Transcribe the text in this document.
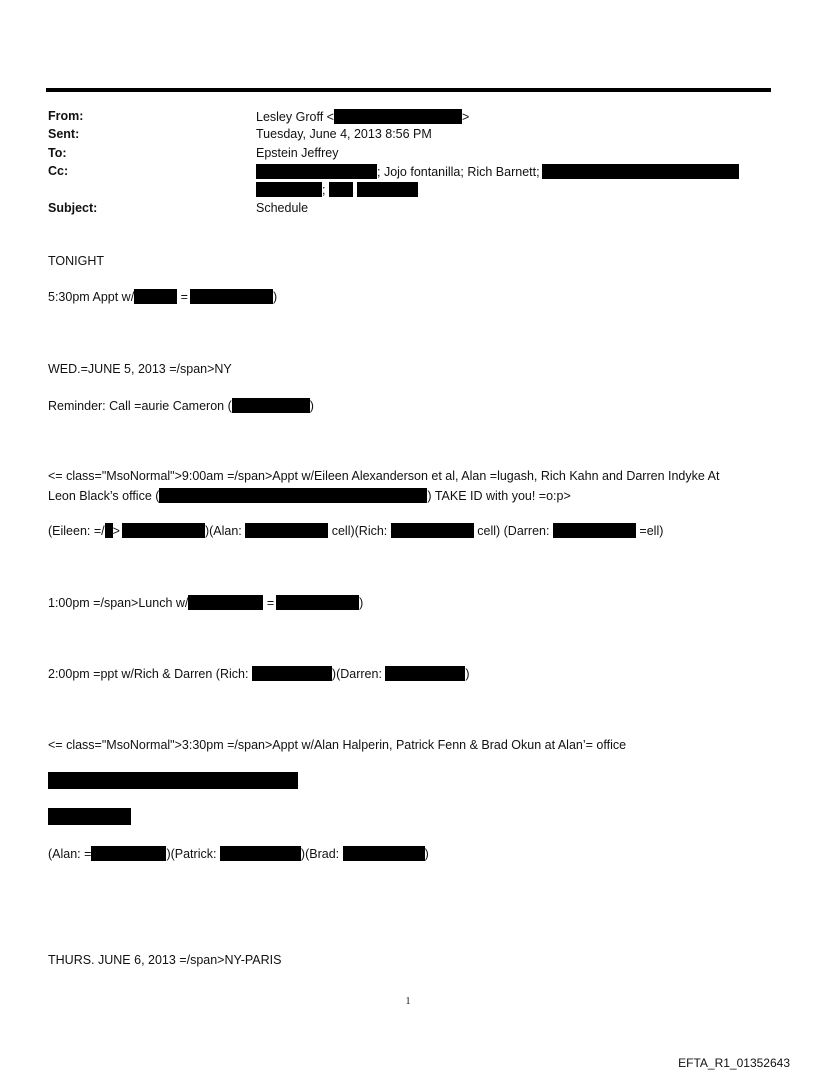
From:	Lesley Groff <	>
Sent:	Tuesday, June 4, 2013 8:56 PM
To:	Epstein Jeffrey
Cc:	; Jojo fontanilla; Rich Barnett;
;
Subject:	Schedule
TONIGHT
5:30pm Appt w/	=	)
WED.=JUNE 5, 2013 =/span>NY
Reminder: Call =aurie Cameron (	)
<= class="MsoNormal">9:00am =/span>Appt w/Eileen Alexanderson et al, Alan =lugash, Rich Kahn and Darren Indyke At
Leon Black’s office (	) TAKE ID with you! =o:p>
(Eileen: =/ >	)(Alan:	cell)(Rich:	cell) (Darren:	=ell)
1:00pm =/span>Lunch w/	=	)
2:00pm =ppt w/Rich & Darren (Rich:	)(Darren:	)
<= class="MsoNormal">3:30pm =/span>Appt w/Alan Halperin, Patrick Fenn & Brad Okun at Alan’= office
(Alan: =	)(Patrick:	)(Brad:	)
THURS. JUNE 6, 2013 =/span>NY-PARIS
1
EFTA_R1_01352643
